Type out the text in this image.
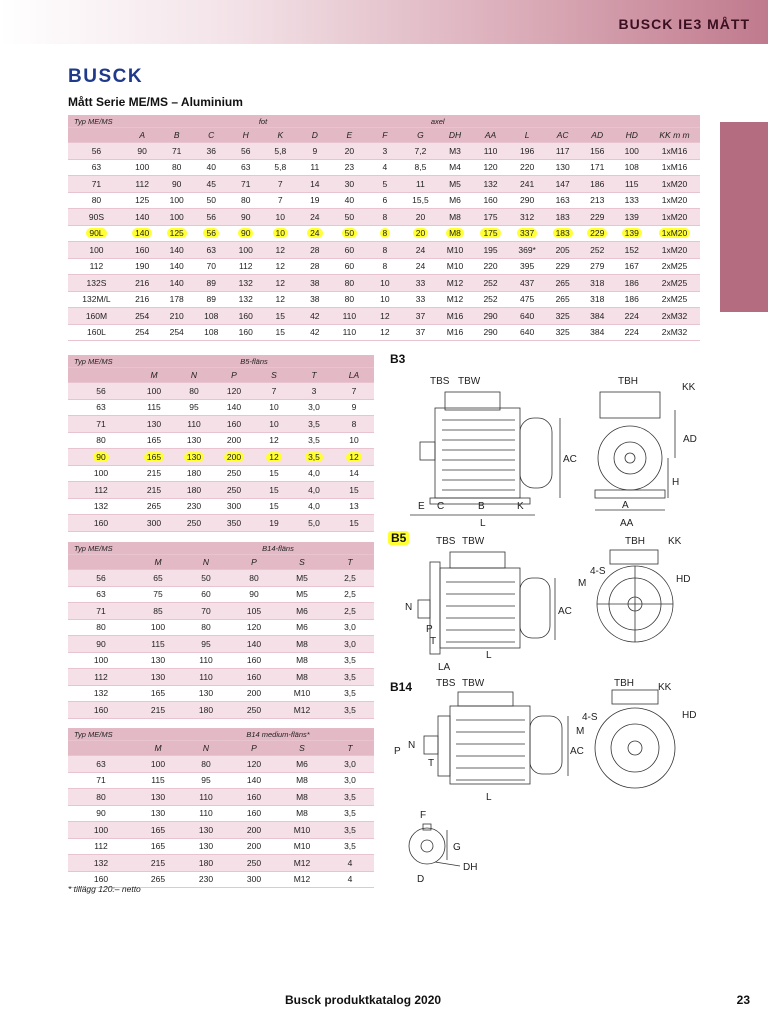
BUSCK IE3 MÅTT
BUSCK
Mått Serie ME/MS – Aluminium
Typ ME/MS				fot					axel							
	A	B	C	H	K	D	E	F	G	DH	AA	L	AC	AD	HD	KK m m
56	90	71	36	56	5,8	9	20	3	7,2	M3	110	196	117	156	100	1xM16
63	100	80	40	63	5,8	11	23	4	8,5	M4	120	220	130	171	108	1xM16
71	112	90	45	71	7	14	30	5	11	M5	132	241	147	186	115	1xM20
80	125	100	50	80	7	19	40	6	15,5	M6	160	290	163	213	133	1xM20
90S	140	100	56	90	10	24	50	8	20	M8	175	312	183	229	139	1xM20
90L	140	125	56	90	10	24	50	8	20	M8	175	337	183	229	139	1xM20
100	160	140	63	100	12	28	60	8	24	M10	195	369*	205	252	152	1xM20
112	190	140	70	112	12	28	60	8	24	M10	220	395	229	279	167	2xM25
132S	216	140	89	132	12	38	80	10	33	M12	252	437	265	318	186	2xM25
132M/L	216	178	89	132	12	38	80	10	33	M12	252	475	265	318	186	2xM25
160M	254	210	108	160	15	42	110	12	37	M16	290	640	325	384	224	2xM32
160L	254	254	108	160	15	42	110	12	37	M16	290	640	325	384	224	2xM32
Typ ME/MS			B5-fläns			
	M	N	P	S	T	LA
56	100	80	120	7	3	7
63	115	95	140	10	3,0	9
71	130	110	160	10	3,5	8
80	165	130	200	12	3,5	10
90	165	130	200	12	3,5	12
100	215	180	250	15	4,0	14
112	215	180	250	15	4,0	15
132	265	230	300	15	4,0	13
160	300	250	350	19	5,0	15
Typ ME/MS			B14-fläns		
	M	N	P	S	T
56	65	50	80	M5	2,5
63	75	60	90	M5	2,5
71	85	70	105	M6	2,5
80	100	80	120	M6	3,0
90	115	95	140	M8	3,0
100	130	110	160	M8	3,5
112	130	110	160	M8	3,5
132	165	130	200	M10	3,5
160	215	180	250	M12	3,5
Typ ME/MS			B14 medium-fläns*		
	M	N	P	S	T
63	100	80	120	M6	3,0
71	115	95	140	M8	3,0
80	130	110	160	M8	3,5
90	130	110	160	M8	3,5
100	165	130	200	M10	3,5
112	165	130	200	M10	3,5
132	215	180	250	M12	4
160	265	230	300	M12	4
* tillägg 120:– netto
B3
B5
B14
TBS TBW	TBH
KK
E C	B	K
L
A
AA
H
AD
AC
TBS TBW	TBH KK
4-S
M	HD
N
P
T
AC
L
LA
TBS TBW	TBH KK
4-S
M
HD
P
N
T
AC
L
F
G
DH
D
Busck produktkatalog 2020	23
